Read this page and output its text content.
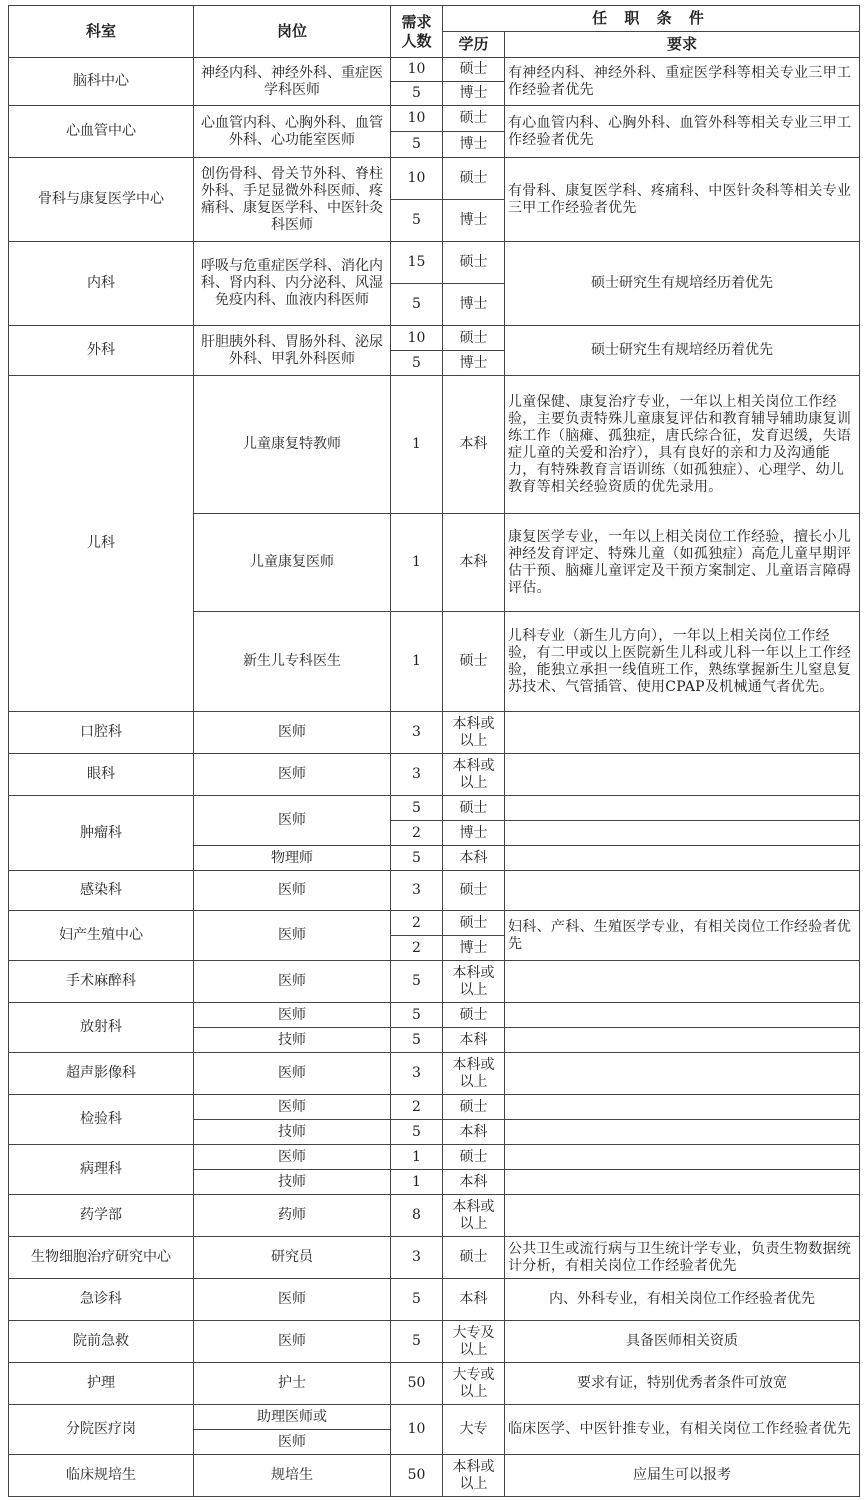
科室	岗位	需求
人数	任 职 条 件	
			学历	要求
脑科中心	神经内科、神经外科、重症医学科医师	10	硕士	有神经内科、神经外科、重症医学科等相关专业三甲工作经验者优先
		5	博士	
心血管中心	心血管内科、心胸外科、血管外科、心功能室医师	10	硕士	有心血管内科、心胸外科、血管外科等相关专业三甲工作经验者优先
		5	博士	
骨科与康复医学中心	创伤骨科、骨关节外科、脊柱外科、手足显微外科医师、疼痛科、康复医学科、中医针灸科医师	10	硕士	有骨科、康复医学科、疼痛科、中医针灸科等相关专业三甲工作经验者优先
		5	博士	
内科	呼吸与危重症医学科、消化内科、肾内科、内分泌科、风湿免疫内科、血液内科医师	15	硕士	硕士研究生有规培经历着优先
		5	博士	
外科	肝胆胰外科、胃肠外科、泌尿外科、甲乳外科医师	10	硕士	硕士研究生有规培经历着优先
		5	博士	
儿科	儿童康复特教师	1	本科	儿童保健、康复治疗专业，一年以上相关岗位工作经验，主要负责特殊儿童康复评估和教育辅导辅助康复训练工作（脑瘫、孤独症，唐氏综合征，发育迟缓，失语症儿童的关爱和治疗），具有良好的亲和力及沟通能力，有特殊教育言语训练（如孤独症）、心理学、幼儿教育等相关经验资质的优先录用。
	儿童康复医师	1	本科	康复医学专业，一年以上相关岗位工作经验，擅长小儿神经发育评定、特殊儿童（如孤独症）高危儿童早期评估干预、脑瘫儿童评定及干预方案制定、儿童语言障碍评估。
	新生儿专科医生	1	硕士	儿科专业（新生儿方向），一年以上相关岗位工作经验，有二甲或以上医院新生儿科或儿科一年以上工作经验，能独立承担一线值班工作，熟练掌握新生儿窒息复苏技术、气管插管、使用CPAP及机械通气者优先。
口腔科	医师	3	本科或以上	
眼科	医师	3	本科或以上	
肿瘤科	医师	5	硕士	
		2	博士	
	物理师	5	本科	
感染科	医师	3	硕士	
妇产生殖中心	医师	2	硕士	妇科、产科、生殖医学专业，有相关岗位工作经验者优先
		2	博士	
手术麻醉科	医师	5	本科或以上	
放射科	医师	5	硕士	
	技师	5	本科	
超声影像科	医师	3	本科或以上	
检验科	医师	2	硕士	
	技师	5	本科	
病理科	医师	1	硕士	
	技师	1	本科	
药学部	药师	8	本科或以上	
生物细胞治疗研究中心	研究员	3	硕士	公共卫生或流行病与卫生统计学专业，负责生物数据统计分析，有相关岗位工作经验者优先
急诊科	医师	5	本科	内、外科专业，有相关岗位工作经验者优先
院前急救	医师	5	大专及以上	具备医师相关资质
护理	护士	50	大专或以上	要求有证，特别优秀者条件可放宽
分院医疗岗	助理医师或	10	大专	临床医学、中医针推专业，有相关岗位工作经验者优先
	医师			
临床规培生	规培生	50	本科或以上	应届生可以报考
